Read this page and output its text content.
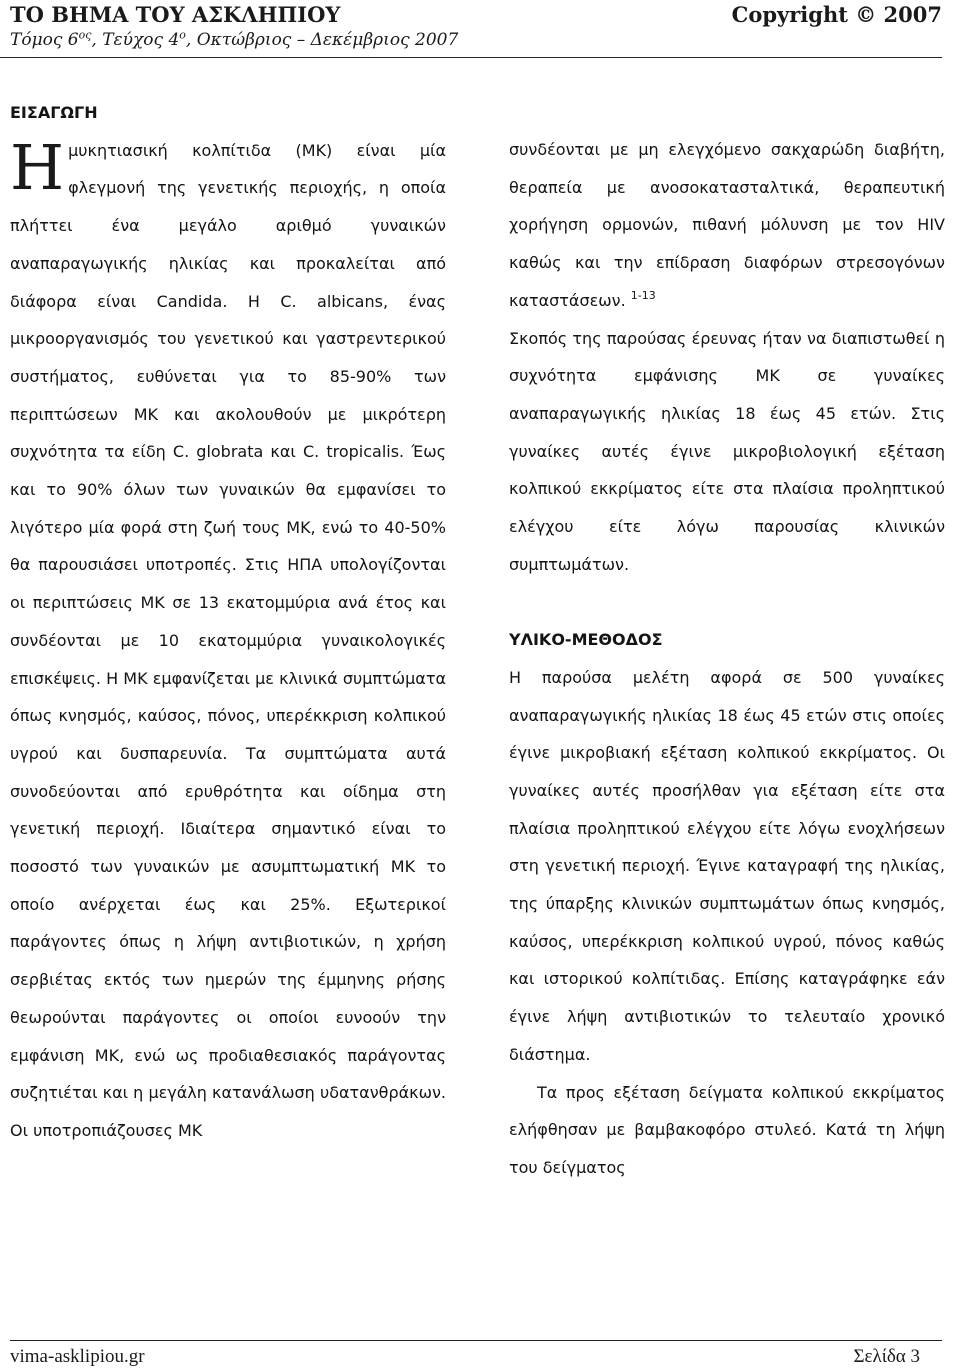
ΤΟ ΒΗΜΑ ΤΟΥ ΑΣΚΛΗΠΙΟΥ	Copyright © 2007
Τόμος $6^{o\varsigma}$, Τεύχος $4^o$, Οκτώβριος – Δεκέμβριος 2007
ΕΙΣΑΓΩΓΗ

Ημυκητιασική κολπίτιδα (ΜΚ) είναι μία φλεγμονή της γενετικής περιοχής, η οποία πλήττει ένα μεγάλο αριθμό γυναικών αναπαραγωγικής ηλικίας και προκαλείται από διάφορα είναι Candida. Η C. albicans, ένας μικροοργανισμός του γενετικού και γαστρεντερικού συστήματος, ευθύνεται για το 85-90% των περιπτώσεων ΜΚ και ακολουθούν με μικρότερη συχνότητα τα είδη C. globrata και C. tropicalis. Έως και το 90% όλων των γυναικών θα εμφανίσει το λιγότερο μία φορά στη ζωή τους ΜΚ, ενώ το 40-50% θα παρουσιάσει υποτροπές. Στις ΗΠΑ υπολογίζονται οι περιπτώσεις ΜΚ σε 13 εκατομμύρια ανά έτος και συνδέονται με 10 εκατομμύρια γυναικολογικές επισκέψεις. Η ΜΚ εμφανίζεται με κλινικά συμπτώματα όπως κνησμός, καύσος, πόνος, υπερέκκριση κολπικού υγρού και δυσπαρευνία. Τα συμπτώματα αυτά συνοδεύονται από ερυθρότητα και οίδημα στη γενετική περιοχή. Ιδιαίτερα σημαντικό είναι το ποσοστό των γυναικών με ασυμπτωματική ΜΚ το οποίο ανέρχεται έως και 25%. Εξωτερικοί παράγοντες όπως η λήψη αντιβιοτικών, η χρήση σερβιέτας εκτός των ημερών της έμμηνης ρήσης θεωρούνται παράγοντες οι οποίοι ευνοούν την εμφάνιση ΜΚ, ενώ ως προδιαθεσιακός παράγοντας συζητιέται και η μεγάλη κατανάλωση υδατανθράκων. Οι υποτροπιάζουσες ΜΚ

συνδέονται με μη ελεγχόμενο σακχαρώδη διαβήτη, θεραπεία με ανοσοκατασταλτικά, θεραπευτική χορήγηση ορμονών, πιθανή μόλυνση με τον HIV καθώς και την επίδραση διαφόρων στρεσογόνων καταστάσεων. $^{1-13}$

Σκοπός της παρούσας έρευνας ήταν να διαπιστωθεί η συχνότητα εμφάνισης ΜΚ σε γυναίκες αναπαραγωγικής ηλικίας 18 έως 45 ετών. Στις γυναίκες αυτές έγινε μικροβιολογική εξέταση κολπικού εκκρίματος είτε στα πλαίσια προληπτικού ελέγχου είτε λόγω παρουσίας κλινικών συμπτωμάτων.

ΥΛΙΚΟ-ΜΕΘΟΔΟΣ

Η παρούσα μελέτη αφορά σε 500 γυναίκες αναπαραγωγικής ηλικίας 18 έως 45 ετών στις οποίες έγινε μικροβιακή εξέταση κολπικού εκκρίματος. Οι γυναίκες αυτές προσήλθαν για εξέταση είτε στα πλαίσια προληπτικού ελέγχου είτε λόγω ενοχλήσεων στη γενετική περιοχή. Έγινε καταγραφή της ηλικίας, της ύπαρξης κλινικών συμπτωμάτων όπως κνησμός, καύσος, υπερέκκριση κολπικού υγρού, πόνος καθώς και ιστορικού κολπίτιδας. Επίσης καταγράφηκε εάν έγινε λήψη αντιβιοτικών το τελευταίο χρονικό διάστημα.

Τα προς εξέταση δείγματα κολπικού εκκρίματος ελήφθησαν με βαμβακοφόρο στυλεό. Κατά τη λήψη του δείγματος

vima-asklipiou.gr	Σελίδα 3
